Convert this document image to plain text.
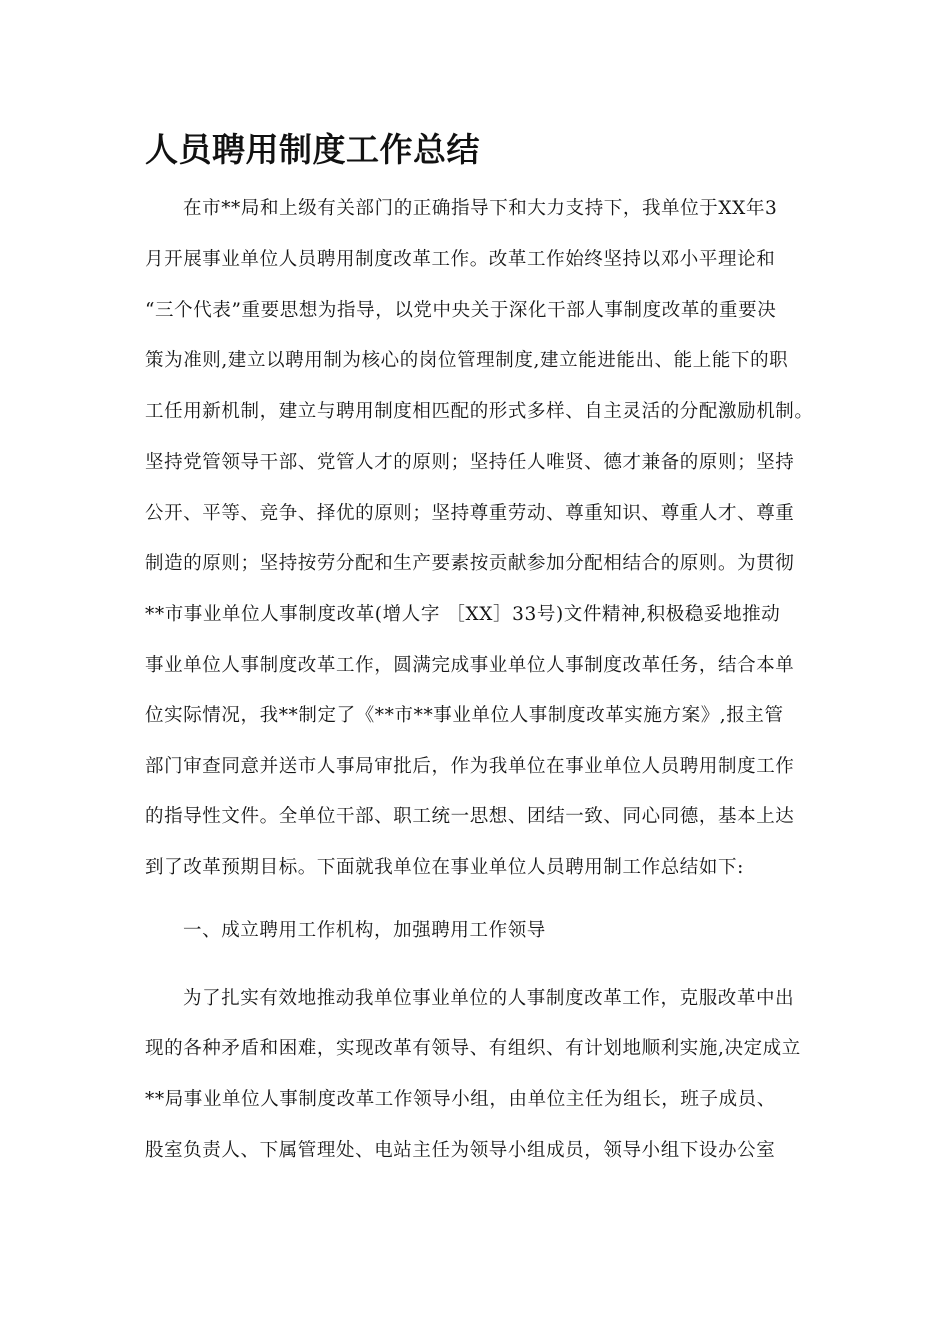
人员聘用制度工作总结
在市**局和上级有关部门的正确指导下和大力支持下，我单位于XX年3
月开展事业单位人员聘用制度改革工作。改革工作始终坚持以邓小平理论和
“三个代表”重要思想为指导，以党中央关于深化干部人事制度改革的重要决
策为准则,建立以聘用制为核心的岗位管理制度,建立能进能出、能上能下的职
工任用新机制，建立与聘用制度相匹配的形式多样、自主灵活的分配激励机制。
坚持党管领导干部、党管人才的原则；坚持任人唯贤、德才兼备的原则；坚持
公开、平等、竞争、择优的原则；坚持尊重劳动、尊重知识、尊重人才、尊重
制造的原则；坚持按劳分配和生产要素按贡献参加分配相结合的原则。为贯彻
**市事业单位人事制度改革(增人字 ［XX］33号)文件精神,积极稳妥地推动
事业单位人事制度改革工作，圆满完成事业单位人事制度改革任务，结合本单
位实际情况，我**制定了《**市**事业单位人事制度改革实施方案》,报主管
部门审查同意并送市人事局审批后，作为我单位在事业单位人员聘用制度工作
的指导性文件。全单位干部、职工统一思想、团结一致、同心同德，基本上达
到了改革预期目标。下面就我单位在事业单位人员聘用制工作总结如下:
一、成立聘用工作机构，加强聘用工作领导
为了扎实有效地推动我单位事业单位的人事制度改革工作，克服改革中出
现的各种矛盾和困难，实现改革有领导、有组织、有计划地顺利实施,决定成立
**局事业单位人事制度改革工作领导小组，由单位主任为组长，班子成员、
股室负责人、下属管理处、电站主任为领导小组成员，领导小组下设办公室
